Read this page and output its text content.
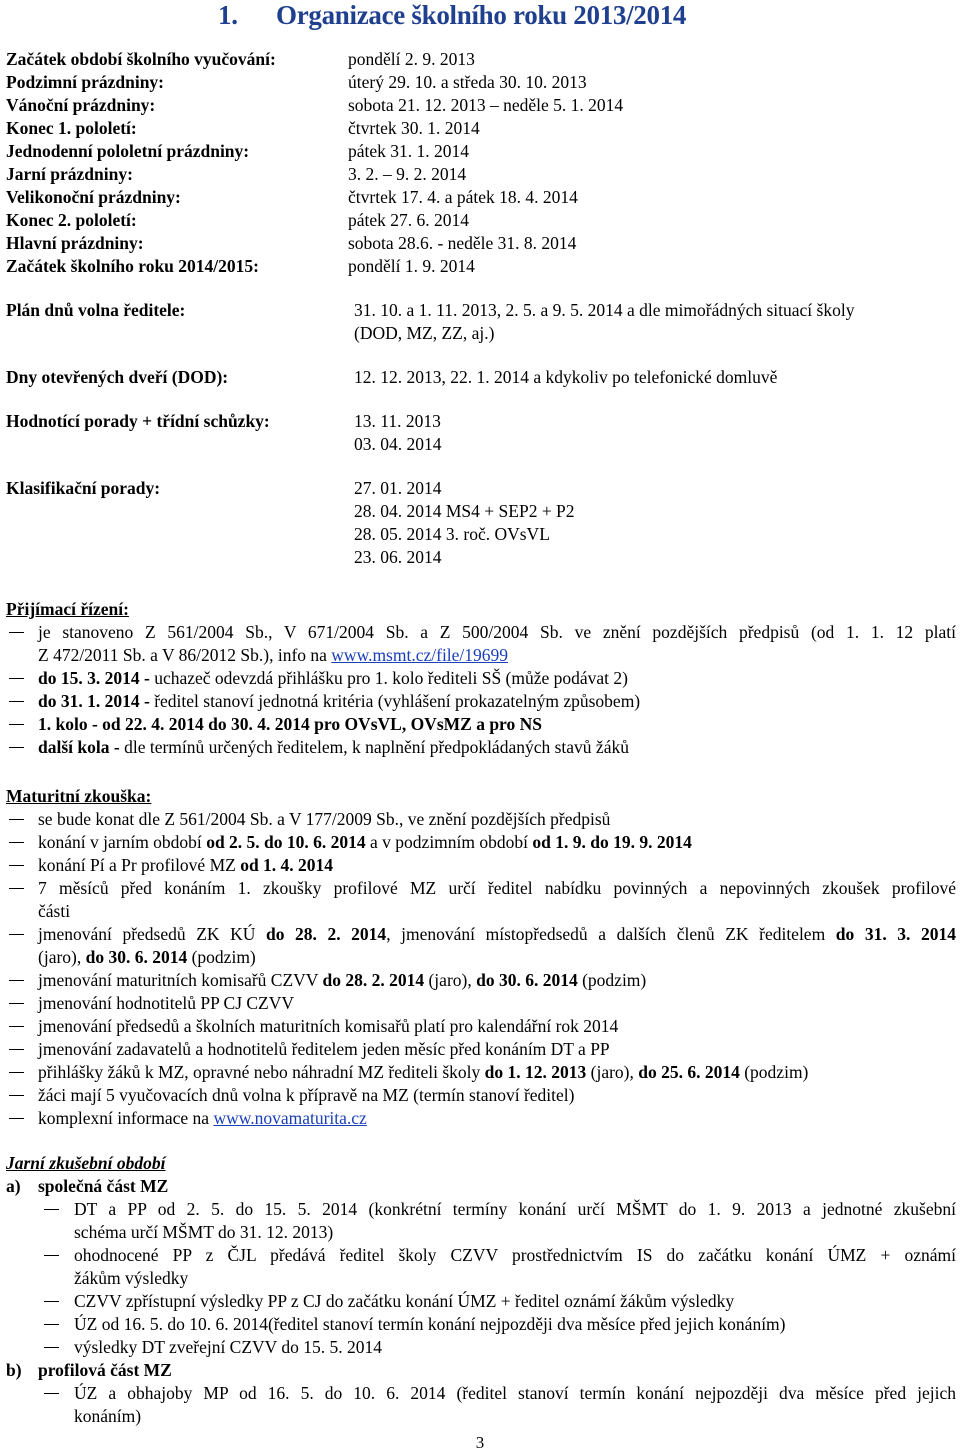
1. Organizace školního roku 2013/2014
Začátek období školního vyučování:	pondělí 2. 9. 2013
Podzimní prázdniny:	úterý 29. 10. a středa 30. 10. 2013
Vánoční prázdniny:	sobota 21. 12. 2013 – neděle 5. 1. 2014
Konec 1. pololetí:	čtvrtek 30. 1. 2014
Jednodenní pololetní prázdniny:	pátek 31. 1. 2014
Jarní prázdniny:	3. 2. – 9. 2. 2014
Velikonoční prázdniny:	čtvrtek 17. 4. a pátek 18. 4. 2014
Konec 2. pololetí:	pátek 27. 6. 2014
Hlavní prázdniny:	sobota 28.6. - neděle 31. 8. 2014
Začátek školního roku 2014/2015:	pondělí 1. 9. 2014
Plán dnů volna ředitele:	31. 10. a 1. 11. 2013, 2. 5. a 9. 5. 2014 a dle mimořádných situací školy
(DOD, MZ, ZZ, aj.)
Dny otevřených dveří (DOD):	12. 12. 2013, 22. 1. 2014 a kdykoliv po telefonické domluvě
Hodnotící porady + třídní schůzky:	13. 11. 2013
03. 04. 2014
Klasifikační porady:	27. 01. 2014
28. 04. 2014 MS4 + SEP2 + P2
28. 05. 2014 3. roč. OVsVL
23. 06. 2014
Přijímací řízení:
je stanoveno Z 561/2004 Sb., V 671/2004 Sb. a Z 500/2004 Sb. ve znění pozdějších předpisů (od 1. 1. 12 platí
Z 472/2011 Sb. a V 86/2012 Sb.), info na www.msmt.cz/file/19699
do 15. 3. 2014 - uchazeč odevzdá přihlášku pro 1. kolo řediteli SŠ (může podávat 2)
do 31. 1. 2014 - ředitel stanoví jednotná kritéria (vyhlášení prokazatelným způsobem)
1. kolo - od 22. 4. 2014 do 30. 4. 2014 pro OVsVL, OVsMZ a pro NS
další kola - dle termínů určených ředitelem, k naplnění předpokládaných stavů žáků
Maturitní zkouška:
se bude konat dle Z 561/2004 Sb. a V 177/2009 Sb., ve znění pozdějších předpisů
konání v jarním období od 2. 5. do 10. 6. 2014 a v podzimním období od 1. 9. do 19. 9. 2014
konání Pí a Pr profilové MZ od 1. 4. 2014
7 měsíců před konáním 1. zkoušky profilové MZ určí ředitel nabídku povinných a nepovinných zkoušek profilové
části
jmenování předsedů ZK KÚ do 28. 2. 2014, jmenování místopředsedů a dalších členů ZK ředitelem do 31. 3. 2014
(jaro), do 30. 6. 2014 (podzim)
jmenování maturitních komisařů CZVV do 28. 2. 2014 (jaro), do 30. 6. 2014 (podzim)
jmenování hodnotitelů PP CJ CZVV
jmenování předsedů a školních maturitních komisařů platí pro kalendářní rok 2014
jmenování zadavatelů a hodnotitelů ředitelem jeden měsíc před konáním DT a PP
přihlášky žáků k MZ, opravné nebo náhradní MZ řediteli školy do 1. 12. 2013 (jaro), do 25. 6. 2014 (podzim)
žáci mají 5 vyučovacích dnů volna k přípravě na MZ (termín stanoví ředitel)
komplexní informace na www.novamaturita.cz
Jarní zkušební období
a) společná část MZ
DT a PP od 2. 5. do 15. 5. 2014 (konkrétní termíny konání určí MŠMT do 1. 9. 2013 a jednotné zkušební
schéma určí MŠMT do 31. 12. 2013)
ohodnocené PP z ČJL předává ředitel školy CZVV prostřednictvím IS do začátku konání ÚMZ + oznámí
žákům výsledky
CZVV zpřístupní výsledky PP z CJ do začátku konání ÚMZ + ředitel oznámí žákům výsledky
ÚZ od 16. 5. do 10. 6. 2014(ředitel stanoví termín konání nejpozději dva měsíce před jejich konáním)
výsledky DT zveřejní CZVV do 15. 5. 2014
b) profilová část MZ
ÚZ a obhajoby MP od 16. 5. do 10. 6. 2014 (ředitel stanoví termín konání nejpozději dva měsíce před jejich
konáním)
3
